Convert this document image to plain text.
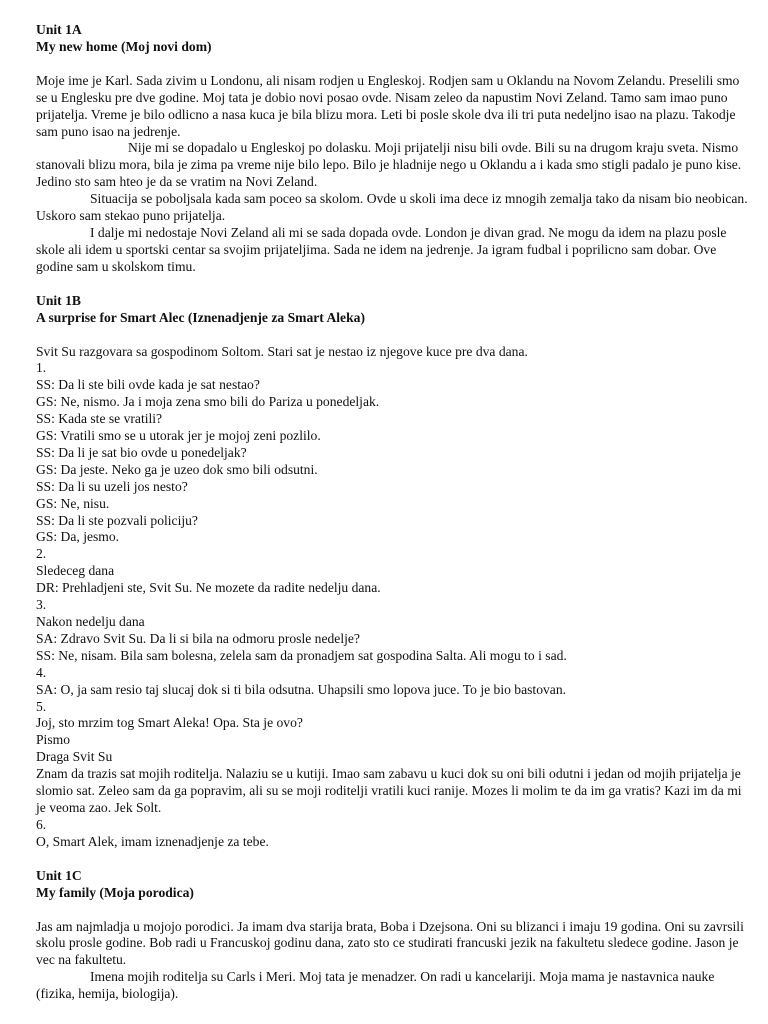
Unit 1A
My new home (Moj novi dom)

Moje ime je Karl. Sada zivim u Londonu, ali nisam rodjen u Engleskoj. Rodjen sam u Oklandu na Novom Zelandu. Preselili smo se u Englesku pre dve godine. Moj tata je dobio novi posao ovde. Nisam zeleo da napustim Novi Zeland. Tamo sam imao puno prijatelja. Vreme je bilo odlicno a nasa kuca je bila blizu mora. Leti bi posle skole dva ili tri puta nedeljno isao na plazu. Takodje sam puno isao na jedrenje.

Nije mi se dopadalo u Engleskoj po dolasku. Moji prijatelji nisu bili ovde. Bili su na drugom kraju sveta. Nismo stanovali blizu mora, bila je zima pa vreme nije bilo lepo. Bilo je hladnije nego u Oklandu a i kada smo stigli padalo je puno kise. Jedino sto sam hteo je da se vratim na Novi Zeland.

Situacija se poboljsala kada sam poceo sa skolom. Ovde u skoli ima dece iz mnogih zemalja tako da nisam bio neobican. Uskoro sam stekao puno prijatelja.

I dalje mi nedostaje Novi Zeland ali mi se sada dopada ovde. London je divan grad. Ne mogu da idem na plazu posle skole ali idem u sportski centar sa svojim prijateljima. Sada ne idem na jedrenje. Ja igram fudbal i poprilicno sam dobar. Ove godine sam u skolskom timu.

Unit 1B
A surprise for Smart Alec (Iznenadjenje za Smart Aleka)
Svit Su razgovara sa gospodinom Soltom. Stari sat je nestao iz njegove kuce pre dva dana.
1.
SS: Da li ste bili ovde kada je sat nestao?
GS: Ne, nismo. Ja i moja zena smo bili do Pariza u ponedeljak.
SS: Kada ste se vratili?
GS: Vratili smo se u utorak jer je mojoj zeni pozlilo.
SS: Da li je sat bio ovde u ponedeljak?
GS: Da jeste. Neko ga je uzeo dok smo bili odsutni.
SS: Da li su uzeli jos nesto?
GS: Ne, nisu.
SS: Da li ste pozvali policiju?
GS: Da, jesmo.
2.
Sledeceg dana
DR: Prehladjeni ste, Svit Su. Ne mozete da radite nedelju dana.
3.
Nakon nedelju dana
SA: Zdravo Svit Su. Da li si bila na odmoru prosle nedelje?
SS: Ne, nisam. Bila sam bolesna, zelela sam da pronadjem sat gospodina Salta. Ali mogu to i sad.
4.
SA: O, ja sam resio taj slucaj dok si ti bila odsutna. Uhapsili smo lopova juce. To je bio bastovan.
5.
Joj, sto mrzim tog Smart Aleka! Opa. Sta je ovo?
Pismo
Draga Svit Su

Znam da trazis sat mojih roditelja. Nalaziu se u kutiji. Imao sam zabavu u kuci dok su oni bili odutni i jedan od mojih prijatelja je slomio sat. Zeleo sam da ga popravim, ali su se moji roditelji vratili kuci ranije. Mozes li molim te da im ga vratis? Kazi im da mi je veoma zao. Jek Solt.

6.
O, Smart Alek, imam iznenadjenje za tebe.
Unit 1C
My family (Moja porodica)

Jas am najmladja u mojojo porodici. Ja imam dva starija brata, Boba i Dzejsona. Oni su blizanci i imaju 19 godina. Oni su zavrsili skolu prosle godine. Bob radi u Francuskoj godinu dana, zato sto ce studirati francuski jezik na fakultetu sledece godine. Jason je vec na fakultetu.

Imena mojih roditelja su Carls i Meri. Moj tata je menadzer. On radi u kancelariji. Moja mama je nastavnica nauke (fizika, hemija, biologija).
